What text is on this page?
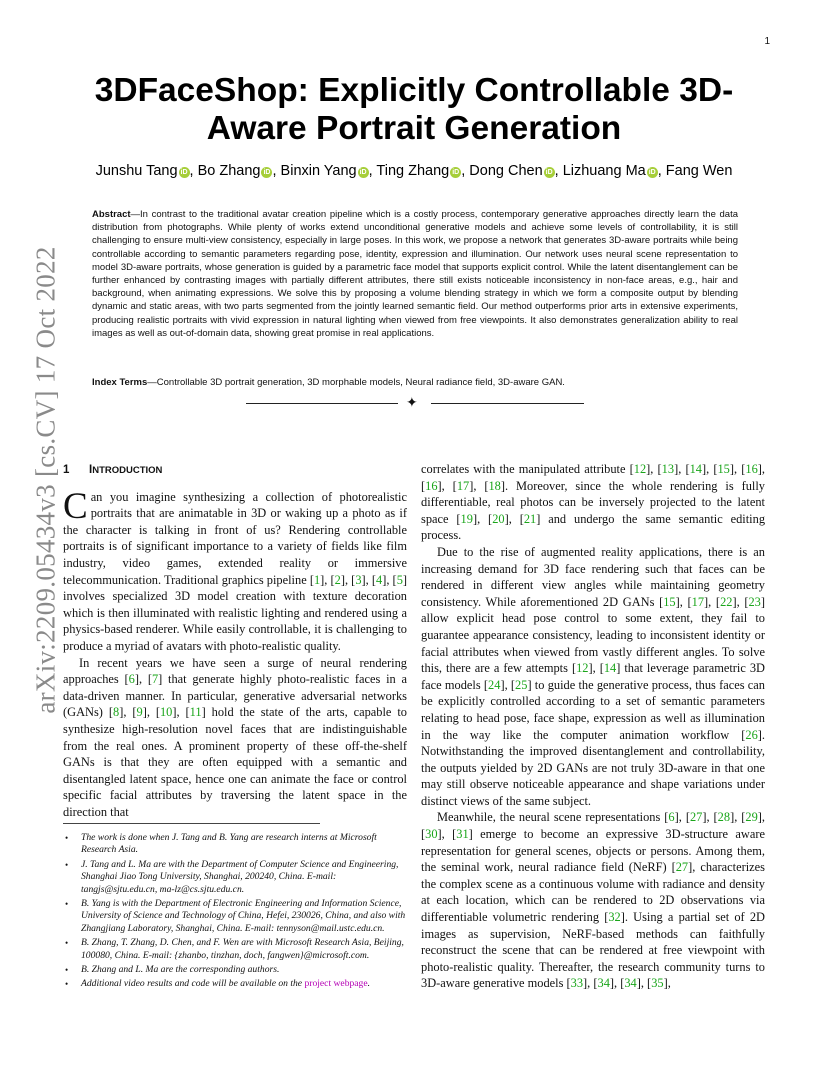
1
arXiv:2209.05434v3 [cs.CV] 17 Oct 2022
3DFaceShop: Explicitly Controllable 3D-Aware Portrait Generation
Junshu Tang iD , Bo Zhang iD , Binxin Yang iD , Ting Zhang iD , Dong Chen iD , Lizhuang Ma iD , Fang Wen
Abstract—In contrast to the traditional avatar creation pipeline which is a costly process, contemporary generative approaches directly learn the data distribution from photographs. While plenty of works extend unconditional generative models and achieve some levels of controllability, it is still challenging to ensure multi-view consistency, especially in large poses. In this work, we propose a network that generates 3D-aware portraits while being controllable according to semantic parameters regarding pose, identity, expression and illumination. Our network uses neural scene representation to model 3D-aware portraits, whose generation is guided by a parametric face model that supports explicit control. While the latent disentanglement can be further enhanced by contrasting images with partially different attributes, there still exists noticeable inconsistency in non-face areas, e.g., hair and background, when animating expressions. We solve this by proposing a volume blending strategy in which we form a composite output by blending dynamic and static areas, with two parts segmented from the jointly learned semantic field. Our method outperforms prior arts in extensive experiments, producing realistic portraits with vivid expression in natural lighting when viewed from free viewpoints. It also demonstrates generalization ability to real images as well as out-of-domain data, showing great promise in real applications.
Index Terms—Controllable 3D portrait generation, 3D morphable models, Neural radiance field, 3D-aware GAN.
✦
1 INTRODUCTION

Can you imagine synthesizing a collection of photorealistic portraits that are animatable in 3D or waking up a photo as if the character is talking in front of us? Rendering controllable portraits is of significant importance to a variety of fields like film industry, video games, extended reality or immersive telecommunication. Traditional graphics pipeline [1], [2], [3], [4], [5] involves specialized 3D model creation with texture decoration which is then illuminated with realistic lighting and rendered using a physics-based renderer. While easily controllable, it is challenging to produce a myriad of avatars with photo-realistic quality.

In recent years we have seen a surge of neural rendering approaches [6], [7] that generate highly photo-realistic faces in a data-driven manner. In particular, generative adversarial networks (GANs) [8], [9], [10], [11] hold the state of the arts, capable to synthesize high-resolution novel faces that are indistinguishable from the real ones. A prominent property of these off-the-shelf GANs is that they are often equipped with a semantic and disentangled latent space, hence one can animate the face or control specific facial attributes by traversing the latent space in the direction that

• The work is done when J. Tang and B. Yang are research interns at Microsoft Research Asia.
• J. Tang and L. Ma are with the Department of Computer Science and Engineering, Shanghai Jiao Tong University, Shanghai, 200240, China. E-mail: tangjs@sjtu.edu.cn, ma-lz@cs.sjtu.edu.cn.
• B. Yang is with the Department of Electronic Engineering and Information Science, University of Science and Technology of China, Hefei, 230026, China, and also with Zhangjiang Laboratory, Shanghai, China. E-mail: tennyson@mail.ustc.edu.cn.
• B. Zhang, T. Zhang, D. Chen, and F. Wen are with Microsoft Research Asia, Beijing, 100080, China. E-mail: {zhanbo, tinzhan, doch, fangwen}@microsoft.com.
• B. Zhang and L. Ma are the corresponding authors.
• Additional video results and code will be available on the project webpage.

correlates with the manipulated attribute [12], [13], [14], [15], [16], [16], [17], [18]. Moreover, since the whole rendering is fully differentiable, real photos can be inversely projected to the latent space [19], [20], [21] and undergo the same semantic editing process.

Due to the rise of augmented reality applications, there is an increasing demand for 3D face rendering such that faces can be rendered in different view angles while maintaining geometry consistency. While aforementioned 2D GANs [15], [17], [22], [23] allow explicit head pose control to some extent, they fail to guarantee appearance consistency, leading to inconsistent identity or facial attributes when viewed from vastly different angles. To solve this, there are a few attempts [12], [14] that leverage parametric 3D face models [24], [25] to guide the generative process, thus faces can be explicitly controlled according to a set of semantic parameters relating to head pose, face shape, expression as well as illumination in the way like the computer animation workflow [26]. Notwithstanding the improved disentanglement and controllability, the outputs yielded by 2D GANs are not truly 3D-aware in that one may still observe noticeable appearance and shape variations under distinct views of the same subject.

Meanwhile, the neural scene representations [6], [27], [28], [29], [30], [31] emerge to become an expressive 3D-structure aware representation for general scenes, objects or persons. Among them, the seminal work, neural radiance field (NeRF) [27], characterizes the complex scene as a continuous volume with radiance and density at each location, which can be rendered to 2D observations via differentiable volumetric rendering [32]. Using a partial set of 2D images as supervision, NeRF-based methods can faithfully reconstruct the scene that can be rendered at free viewpoint with photo-realistic quality. Thereafter, the research community turns to 3D-aware generative models [33], [34], [34], [35],
